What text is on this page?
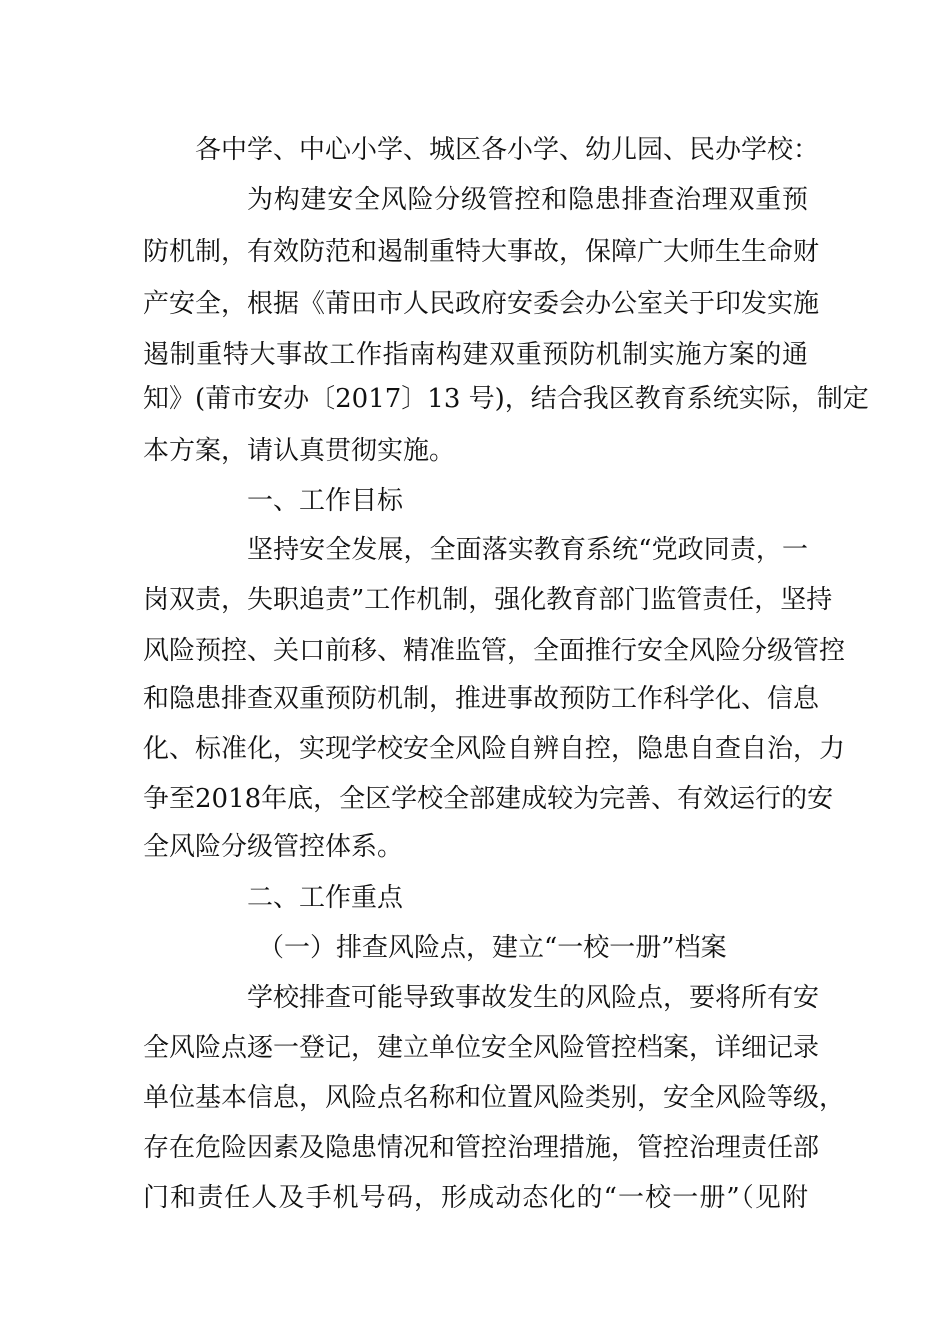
各中学、中心小学、城区各小学、幼儿园、民办学校：
为构建安全风险分级管控和隐患排查治理双重预
防机制，有效防范和遏制重特大事故，保障广大师生生命财
产安全，根据《莆田市人民政府安委会办公室关于印发实施
遏制重特大事故工作指南构建双重预防机制实施方案的通
知》(莆市安办〔2017〕13 号)，结合我区教育系统实际，制定
本方案，请认真贯彻实施。
一、工作目标
坚持安全发展，全面落实教育系统“党政同责，一
岗双责，失职追责”工作机制，强化教育部门监管责任，坚持
风险预控、关口前移、精准监管，全面推行安全风险分级管控
和隐患排查双重预防机制，推进事故预防工作科学化、信息
化、标准化，实现学校安全风险自辨自控，隐患自查自治，力
争至2018年底，全区学校全部建成较为完善、有效运行的安
全风险分级管控体系。
二、工作重点
（一）排查风险点，建立“一校一册”档案
学校排查可能导致事故发生的风险点，要将所有安
全风险点逐一登记，建立单位安全风险管控档案，详细记录
单位基本信息，风险点名称和位置风险类别，安全风险等级，
存在危险因素及隐患情况和管控治理措施，管控治理责任部
门和责任人及手机号码，形成动态化的“一校一册”（见附
